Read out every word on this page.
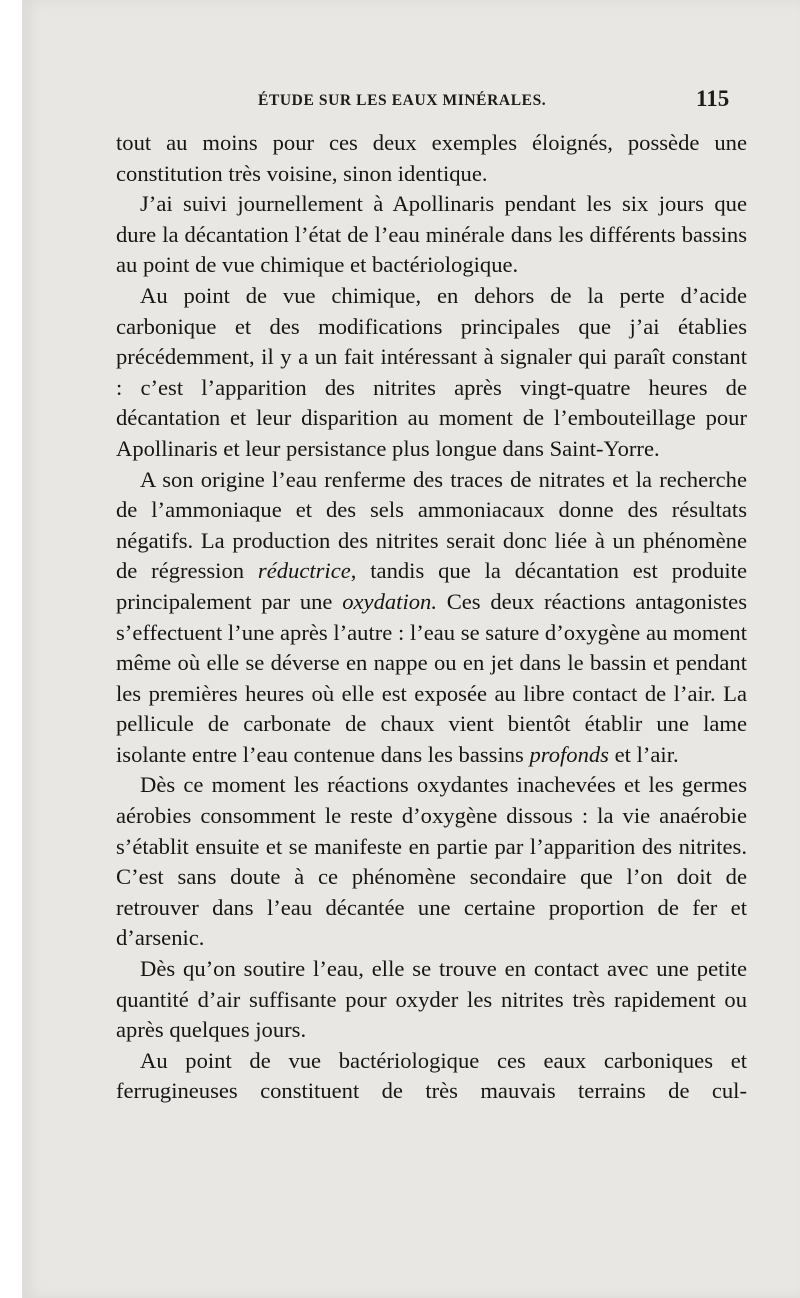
ÉTUDE SUR LES EAUX MINÉRALES.	115

tout au moins pour ces deux exemples éloignés, possède une constitution très voisine, sinon identique.

J’ai suivi journellement à Apollinaris pendant les six jours que dure la décantation l’état de l’eau minérale dans les différents bassins au point de vue chimique et bactériologique.

Au point de vue chimique, en dehors de la perte d’acide carbonique et des modifications principales que j’ai établies précédemment, il y a un fait intéressant à signaler qui paraît constant : c’est l’apparition des nitrites après vingt-quatre heures de décantation et leur disparition au moment de l’embouteillage pour Apollinaris et leur persistance plus longue dans Saint-Yorre.

A son origine l’eau renferme des traces de nitrates et la recherche de l’ammoniaque et des sels ammoniacaux donne des résultats négatifs. La production des nitrites serait donc liée à un phénomène de régression réductrice, tandis que la décantation est produite principalement par une oxydation. Ces deux réactions antagonistes s’effectuent l’une après l’autre : l’eau se sature d’oxygène au moment même où elle se déverse en nappe ou en jet dans le bassin et pendant les premières heures où elle est exposée au libre contact de l’air. La pellicule de carbonate de chaux vient bientôt établir une lame isolante entre l’eau contenue dans les bassins profonds et l’air.

Dès ce moment les réactions oxydantes inachevées et les germes aérobies consomment le reste d’oxygène dissous : la vie anaérobie s’établit ensuite et se manifeste en partie par l’apparition des nitrites. C’est sans doute à ce phénomène secondaire que l’on doit de retrouver dans l’eau décantée une certaine proportion de fer et d’arsenic.

Dès qu’on soutire l’eau, elle se trouve en contact avec une petite quantité d’air suffisante pour oxyder les nitrites très rapidement ou après quelques jours.

Au point de vue bactériologique ces eaux carboniques et ferrugineuses constituent de très mauvais terrains de cul-
